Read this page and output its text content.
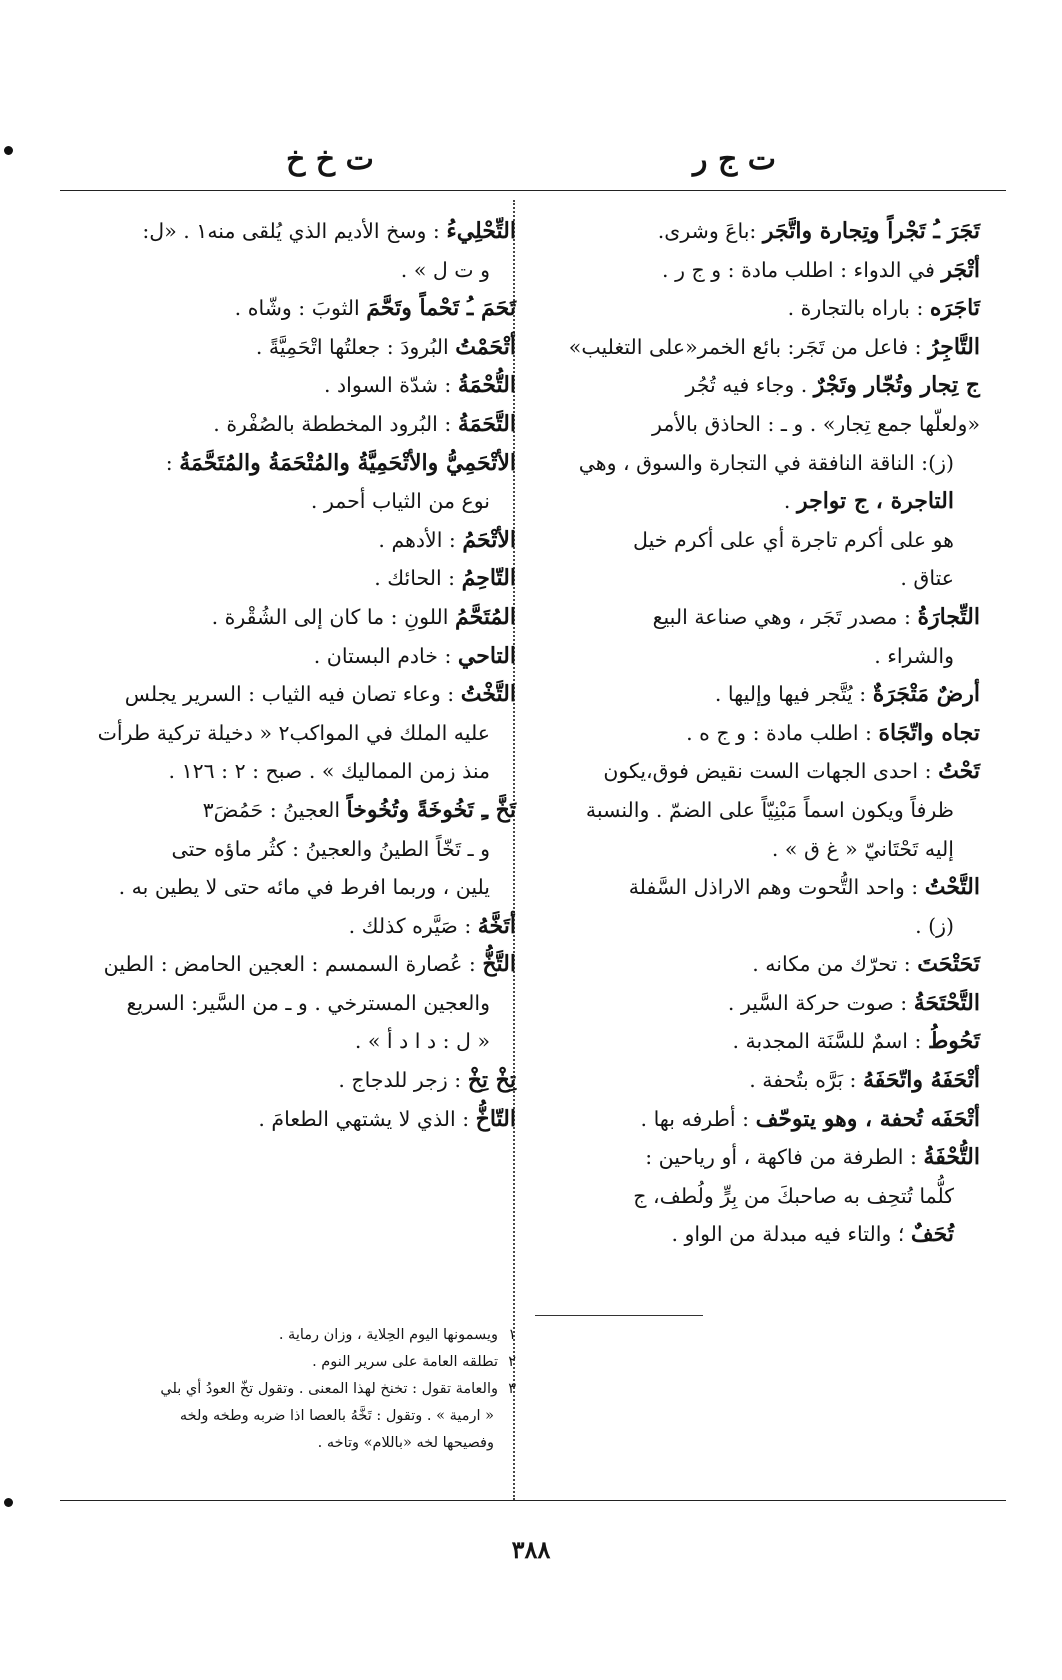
ت ج ر
ت خ خ
تَجَرَ ـُ تَجْراً وتِجارة واتَّجَر :باعَ وشرى.
أتْجَر في الدواء : اطلب مادة : و ج ر .
تَاجَرَه : باراه بالتجارة .
التَّاجِرُ : فاعل من تَجَر: بائع الخمر«على التغليب»
ج تِجار وتُجّار وتَجْرٌ . وجاء فيه تُجُر
«ولعلّها جمع تِجار» . و ـ : الحاذق بالأمر
(ز): الناقة النافقة في التجارة والسوق ، وهي
التاجرة ، ج تواجر .
هو على أكرم تاجرة أي على أكرم خيل
عتاق .
التِّجارَةُ : مصدر تَجَر ، وهي صناعة البيع
والشراء .
أرضٌ مَتْجَرَةٌ : يُتَّجر فيها وإليها .
تجاه واتّجَاهَ : اطلب مادة : و ج ه .
تَحْتُ : احدى الجهات الست نقيض فوق،يكون
ظرفاً ويكون اسماً مَبْنِيّاً على الضمّ . والنسبة
إليه تَحْتَانيّ « غ ق » .
التَّحْتُ : واحد التُّحوت وهم الاراذل السَّفلة
(ز) .
تَحَتْحَتَ : تحرّك من مكانه .
التَّحْتَحَةُ : صوت حركة السَّير .
تَحُوطُ : اسمٌ للسَّنَة المجدبة .
أتْحَفَهُ واتّحَفَهُ : بَرَّه بتُحفة .
أتْحَفَه تُحفة ، وهو يتوحّف : أطرفه بها .
التُّحْفَةُ : الطرفة من فاكهة ، أو رياحين :
كلُّما تُتحِف به صاحبكَ من بِرٍّ ولُطف، ج
تُحَفٌ ؛ والتاء فيه مبدلة من الواو .
التِّحْلِيءُ : وسخ الأديم الذي يُلقى منه١ . «ل:
و ت ل » .
تَحَمَ ـُ تَحْماً وتَحَّمَ الثوبَ : وشّاه .
أتْحَمْتُ البُرودَ : جعلتُها اتْحَمِيَّةً .
التُّحْمَةُ : شدّة السواد .
التَّحَمَةُ : البُرود المخططة بالصُفْرة .
الأتْحَمِيُّ والأتْحَمِيَّةُ والمُتْحَمَةُ والمُتَحَّمَةُ :
نوع من الثياب أحمر .
الأتْحَمُ : الأدهم .
التّاحِمُ : الحائك .
المُتَحَّمُ اللونِ : ما كان إلى الشُقْرة .
التاحي : خادم البستان .
التَّخْتُ : وعاء تصان فيه الثياب : السرير يجلس
عليه الملك في المواكب٢ « دخيلة تركية طرأت
منذ زمن المماليك » . صبح : ٢ : ١٢٦ .
تَخَّ ـِ تَخُوخَةً وتُخُوخاً العجينُ : حَمُضَ٣
و ـ تَخّاً الطينُ والعجينُ : كثُر ماؤه حتى
يلين ، وربما افرط في مائه حتى لا يطين به .
أتَخَّهُ : صَيَّره كذلك .
التَّخُّ : عُصارة السمسم : العجين الحامض : الطين
والعجين المسترخي . و ـ من السَّير: السريع
« ل : د ا د أ » .
تِخْ تِخْ : زجر للدجاج .
التّاخُّ : الذي لا يشتهي الطعامَ .
١ويسمونها اليوم الحِلاية ، وزان رماية .
٢تطلقه العامة على سرير النوم .
٣والعامة تقول : تخنخ لهذا المعنى . وتقول تخّ العودُ أي بلي
« ارمية » . وتقول : تَخَّهُ بالعصا اذا ضربه وطخه ولخه
وفصيحها لخه «باللام» وتاخه .
٣٨٨
